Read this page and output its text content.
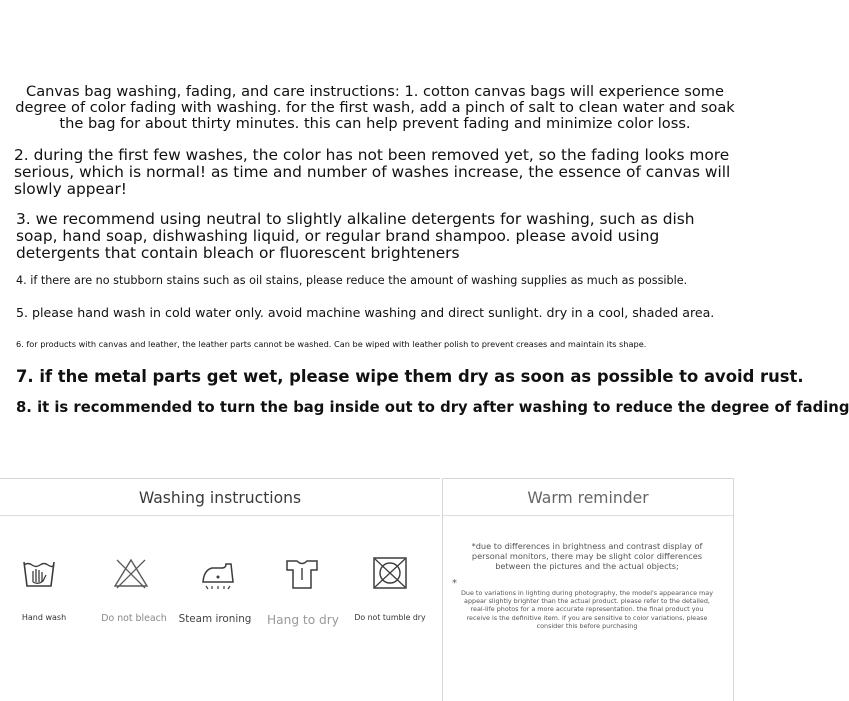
Canvas bag washing, fading, and care instructions: 1. cotton canvas bags will experience some degree of color fading with washing. for the first wash, add a pinch of salt to clean water and soak the bag for about thirty minutes. this can help prevent fading and minimize color loss.

2. during the first few washes, the color has not been removed yet, so the fading looks more serious, which is normal! as time and number of washes increase, the essence of canvas will slowly appear!

3. we recommend using neutral to slightly alkaline detergents for washing, such as dish soap, hand soap, dishwashing liquid, or regular brand shampoo. please avoid using detergents that contain bleach or fluorescent brighteners

4. if there are no stubborn stains such as oil stains, please reduce the amount of washing supplies as much as possible.

5. please hand wash in cold water only. avoid machine washing and direct sunlight. dry in a cool, shaded area.

6. for products with canvas and leather, the leather parts cannot be washed. Can be wiped with leather polish to prevent creases and maintain its shape.

7. if the metal parts get wet, please wipe them dry as soon as possible to avoid rust.

8. it is recommended to turn the bag inside out to dry after washing to reduce the degree of fading

Washing instructions	Warm reminder
Hand wash	Do not bleach	Steam ironing	Hang to dry	Do not tumble dry
*due to differences in brightness and contrast display of personal monitors, there may be slight color differences between the pictures and the actual objects;
*
Due to variations in lighting during photography, the model's appearance may appear slightly brighter than the actual product. please refer to the detailed, real-life photos for a more accurate representation. the final product you receive is the definitive item. if you are sensitive to color variations, please consider this before purchasing
